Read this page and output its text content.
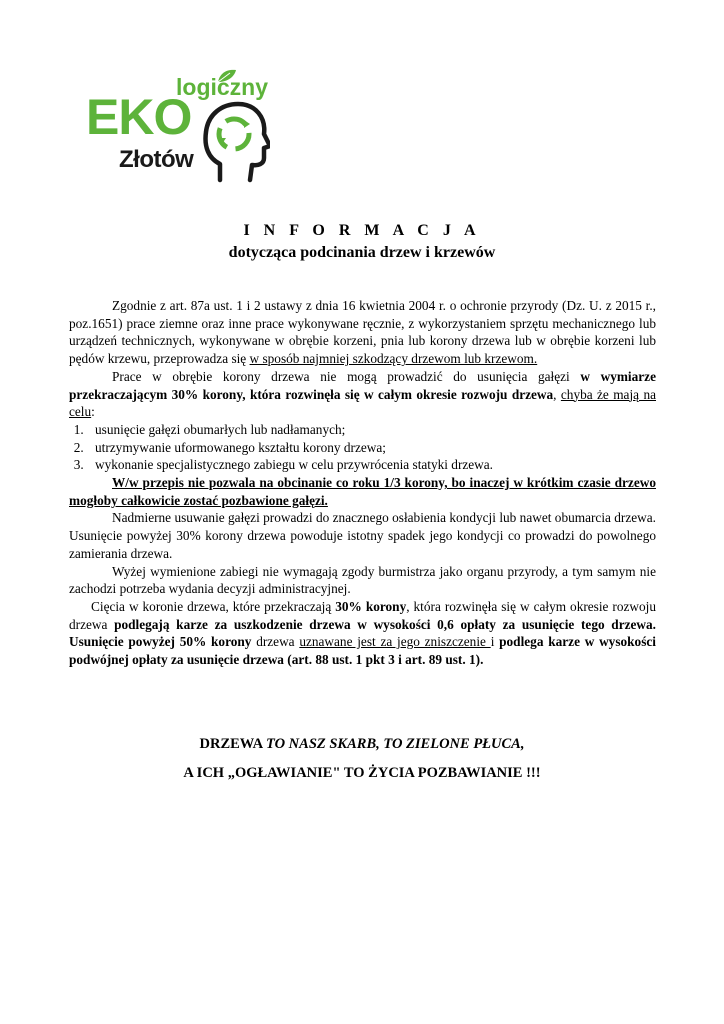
logiczny
EKO
Złotów
I N F O R M A C J A
dotycząca podcinania drzew i krzewów

Zgodnie z art. 87a ust. 1 i 2 ustawy z dnia 16 kwietnia 2004 r. o ochronie przyrody (Dz. U. z 2015 r., poz.1651) prace ziemne oraz inne prace wykonywane ręcznie, z wykorzystaniem sprzętu mechanicznego lub urządzeń technicznych, wykonywane w obrębie korzeni, pnia lub korony drzewa lub w obrębie korzeni lub pędów krzewu, przeprowadza się w sposób najmniej szkodzący drzewom lub krzewom.

Prace w obrębie korony drzewa nie mogą prowadzić do usunięcia gałęzi w wymiarze przekraczającym 30% korony, która rozwinęła się w całym okresie rozwoju drzewa, chyba że mają na celu:

1. usunięcie gałęzi obumarłych lub nadłamanych;
2. utrzymywanie uformowanego kształtu korony drzewa;
3. wykonanie specjalistycznego zabiegu w celu przywrócenia statyki drzewa.

W/w przepis nie pozwala na obcinanie co roku 1/3 korony, bo inaczej w krótkim czasie drzewo mogłoby całkowicie zostać pozbawione gałęzi.

Nadmierne usuwanie gałęzi prowadzi do znacznego osłabienia kondycji lub nawet obumarcia drzewa. Usunięcie powyżej 30% korony drzewa powoduje istotny spadek jego kondycji co prowadzi do powolnego zamierania drzewa.

Wyżej wymienione zabiegi nie wymagają zgody burmistrza jako organu przyrody, a tym samym nie zachodzi potrzeba wydania decyzji administracyjnej.

Cięcia w koronie drzewa, które przekraczają 30% korony, która rozwinęła się w całym okresie rozwoju drzewa podlegają karze za uszkodzenie drzewa w wysokości 0,6 opłaty za usunięcie tego drzewa. Usunięcie powyżej 50% korony drzewa uznawane jest za jego zniszczenie i podlega karze w wysokości podwójnej opłaty za usunięcie drzewa (art. 88 ust. 1 pkt 3 i art. 89 ust. 1).

DRZEWA TO NASZ SKARB, TO ZIELONE PŁUCA,
A ICH „OGŁAWIANIE" TO ŻYCIA POZBAWIANIE !!!
